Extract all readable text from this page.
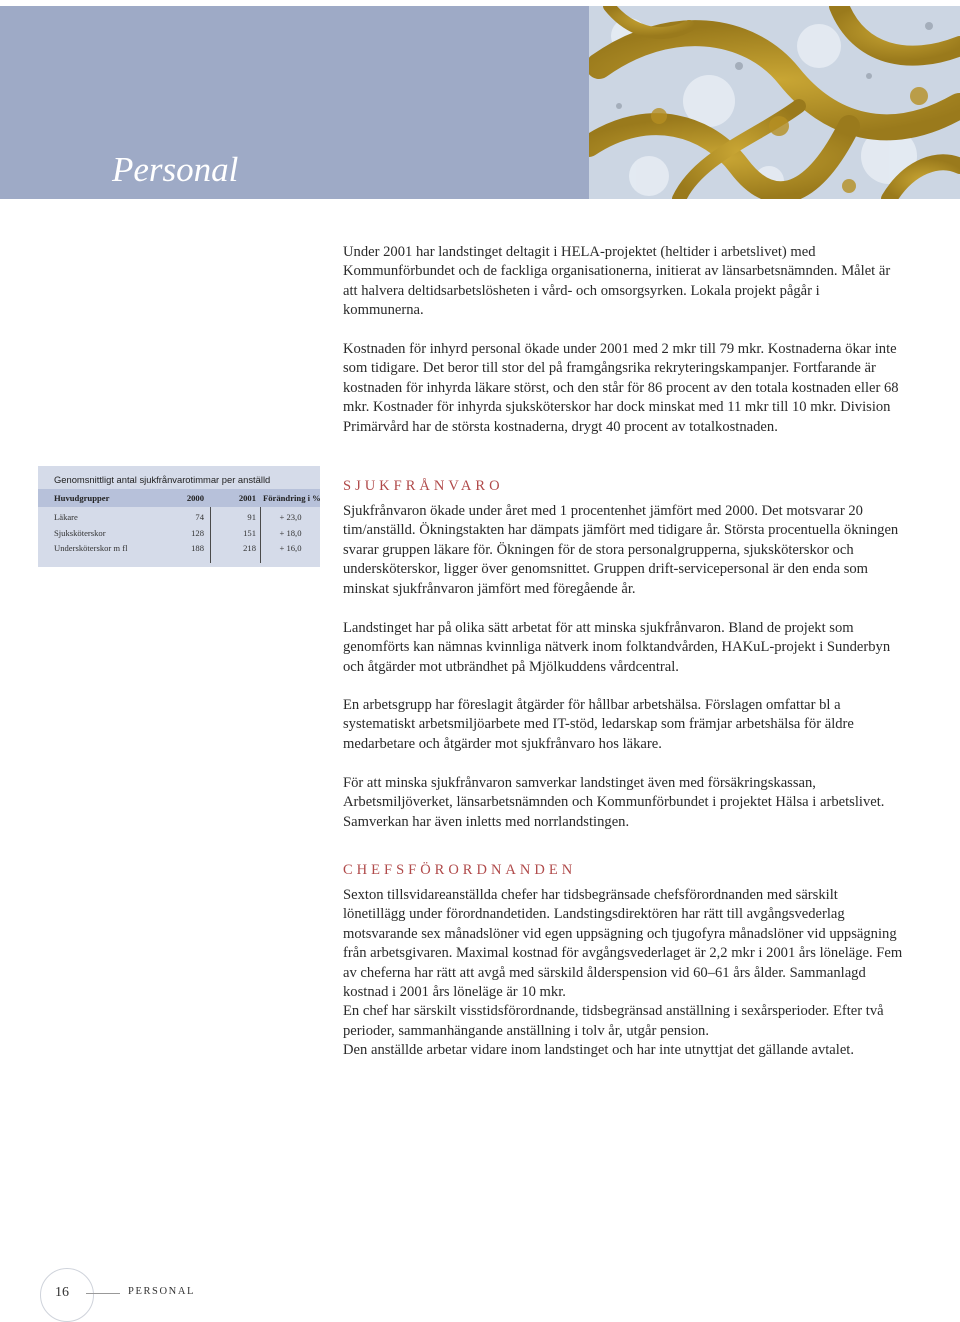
Personal

Under 2001 har landstinget deltagit i HELA-projektet (heltider i arbetslivet) med Kommunförbundet och de fackliga organisationerna, initierat av länsarbetsnämnden. Målet är att halvera deltidsarbetslösheten i vård- och omsorgsyrken. Lokala projekt pågår i kommunerna.

Kostnaden för inhyrd personal ökade under 2001 med 2 mkr till 79 mkr. Kostnaderna ökar inte som tidigare. Det beror till stor del på framgångsrika rekryteringskampanjer. Fortfarande är kostnaden för inhyrda läkare störst, och den står för 86 procent av den totala kostnaden eller 68 mkr. Kostnader för inhyrda sjuksköterskor har dock minskat med 11 mkr till 10 mkr. Division Primärvård har de största kostnaderna, drygt 40 procent av totalkostnaden.

Genomsnittligt antal sjukfrånvarotimmar per anställd
Huvudgrupper	2000	2001 Förändring i %
Läkare	74	91	+ 23,0
Sjuksköterskor	128	151	+ 18,0
Undersköterskor m fl	188	218	+ 16,0
SJUKFRÅNVARO

Sjukfrånvaron ökade under året med 1 procentenhet jämfört med 2000. Det motsvarar 20 tim/anställd. Ökningstakten har dämpats jämfört med tidigare år. Största procentuella ökningen svarar gruppen läkare för. Ökningen för de stora personalgrupperna, sjuksköterskor och undersköterskor, ligger över genomsnittet. Gruppen drift-servicepersonal är den enda som minskat sjukfrånvaron jämfört med föregående år.

Landstinget har på olika sätt arbetat för att minska sjukfrånvaron. Bland de projekt som genomförts kan nämnas kvinnliga nätverk inom folktandvården, HAKuL-projekt i Sunderbyn och åtgärder mot utbrändhet på Mjölkuddens vårdcentral.

En arbetsgrupp har föreslagit åtgärder för hållbar arbetshälsa. Förslagen omfattar bl a systematiskt arbetsmiljöarbete med IT-stöd, ledarskap som främjar arbetshälsa för äldre medarbetare och åtgärder mot sjukfrånvaro hos läkare.

För att minska sjukfrånvaron samverkar landstinget även med försäkringskassan, Arbetsmiljöverket, länsarbetsnämnden och Kommunförbundet i projektet Hälsa i arbetslivet. Samverkan har även inletts med norrlandstingen.

CHEFSFÖRORDNANDEN

Sexton tillsvidareanställda chefer har tidsbegränsade chefsförordnanden med särskilt lönetillägg under förordnandetiden. Landstingsdirektören har rätt till avgångsvederlag motsvarande sex månadslöner vid egen uppsägning och tjugofyra månadslöner vid uppsägning från arbetsgivaren. Maximal kostnad för avgångsvederlaget är 2,2 mkr i 2001 års löneläge. Fem av cheferna har rätt att avgå med särskild ålderspension vid 60–61 års ålder. Sammanlagd kostnad i 2001 års löneläge är 10 mkr.

En chef har särskilt visstidsförordnande, tidsbegränsad anställning i sexårsperioder. Efter två perioder, sammanhängande anställning i tolv år, utgår pension.

Den anställde arbetar vidare inom landstinget och har inte utnyttjat det gällande avtalet.

16	PERSONAL
